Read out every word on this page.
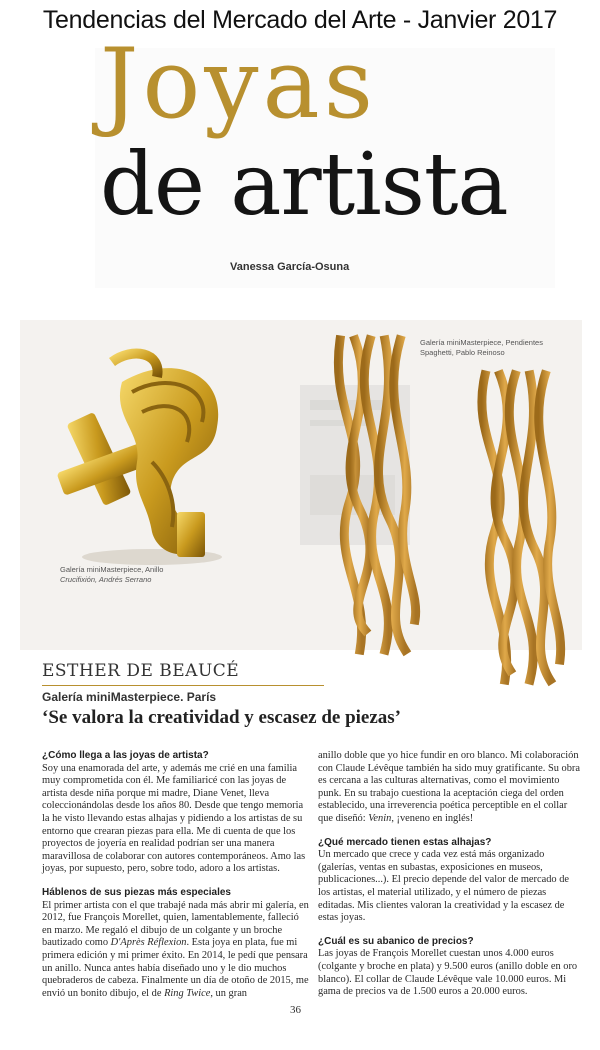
Tendencias del Mercado del Arte - Janvier 2017
Joyas
de artista
Vanessa García-Osuna
Galería miniMasterpiece, Pendientes
Spaghetti, Pablo Reinoso
Galería miniMasterpiece, Anillo
Crucifixión, Andrés Serrano
ESTHER DE BEAUCÉ
Galería miniMasterpiece. París
‘Se valora la creatividad y escasez de piezas’
¿Cómo llega a las joyas de artista?

Soy una enamorada del arte, y además me crié en una familia muy comprometida con él. Me familiaricé con las joyas de artista desde niña porque mi madre, Diane Venet, lleva coleccionándolas desde los años 80. Desde que tengo memoria la he visto llevando estas alhajas y pidiendo a los artistas de su entorno que crearan piezas para ella. Me di cuenta de que los proyectos de joyería en realidad podrían ser una manera maravillosa de colaborar con autores contemporáneos. Amo las joyas, por supuesto, pero, sobre todo, adoro a los artistas.

Háblenos de sus piezas más especiales

El primer artista con el que trabajé nada más abrir mi galería, en 2012, fue François Morellet, quien, lamentablemente, falleció en marzo. Me regaló el dibujo de un colgante y un broche bautizado como D'Après Réflexion. Esta joya en plata, fue mi primera edición y mi primer éxito. En 2014, le pedí que pensara un anillo. Nunca antes había diseñado uno y le dio muchos quebraderos de cabeza. Finalmente un día de otoño de 2015, me envió un bonito dibujo, el de Ring Twice, un gran

anillo doble que yo hice fundir en oro blanco. Mi colaboración con Claude Lévêque también ha sido muy gratificante. Su obra es cercana a las culturas alternativas, como el movimiento punk. En su trabajo cuestiona la aceptación ciega del orden establecido, una irreverencia poética perceptible en el collar que diseñó: Venin, ¡veneno en inglés!

¿Qué mercado tienen estas alhajas?

Un mercado que crece y cada vez está más organizado (galerías, ventas en subastas, exposiciones en museos, publicaciones...). El precio depende del valor de mercado de los artistas, el material utilizado, y el número de piezas editadas. Mis clientes valoran la creatividad y la escasez de estas joyas.

¿Cuál es su abanico de precios?

Las joyas de François Morellet cuestan unos 4.000 euros (colgante y broche en plata) y 9.500 euros (anillo doble en oro blanco). El collar de Claude Lévêque vale 10.000 euros. Mi gama de precios va de 1.500 euros a 20.000 euros.

36
